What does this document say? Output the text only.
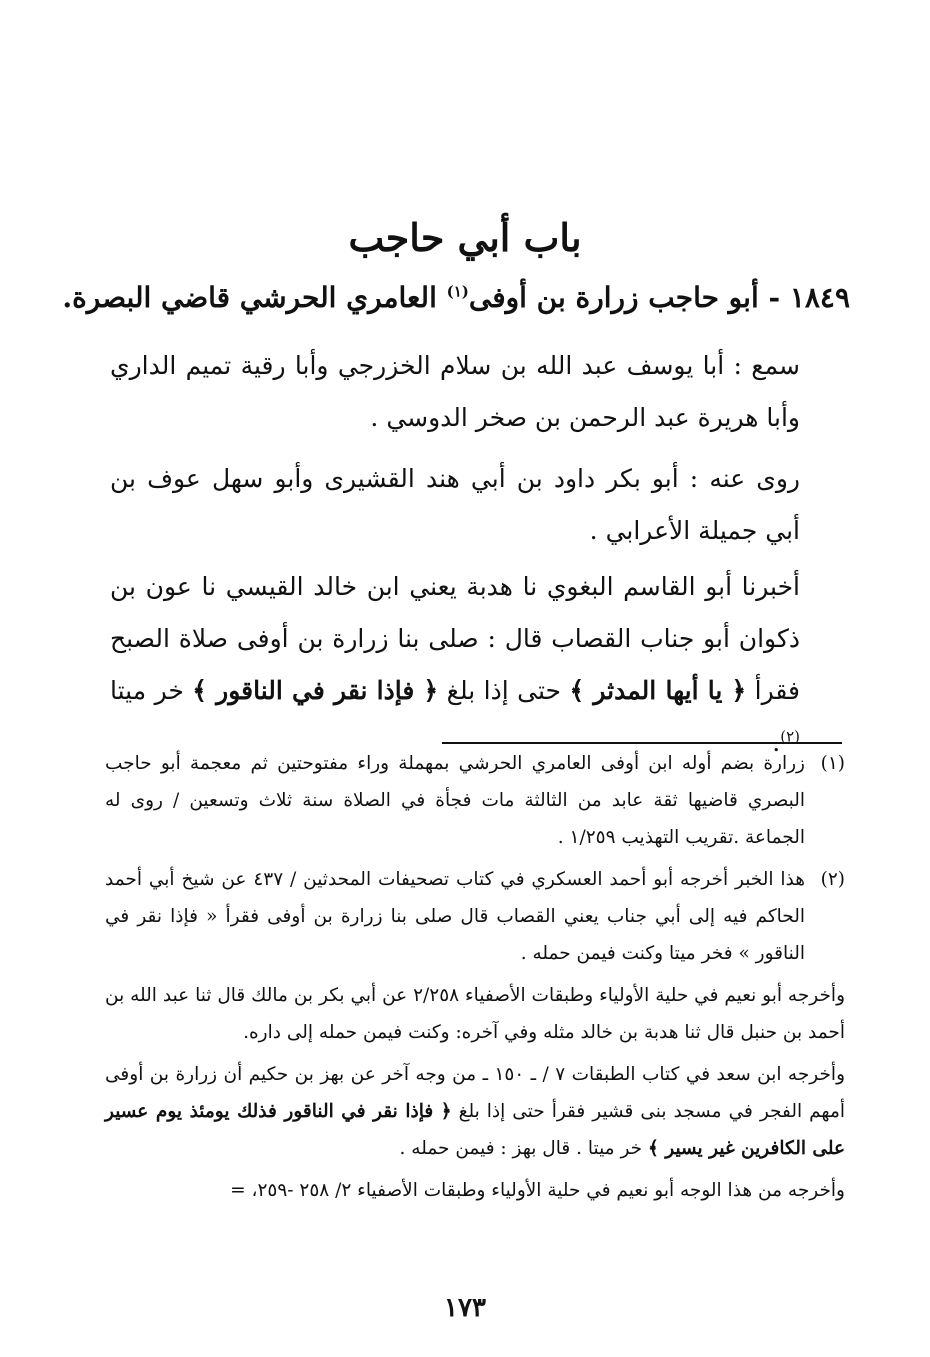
باب أبي حاجب
١٨٤٩ - أبو حاجب زرارة بن أوفى$^{(١)}$ العامري الحرشي قاضي البصرة.

سمع : أبا يوسف عبد الله بن سلام الخزرجي وأبا رقية تميم الداري وأبا هريرة عبد الرحمن بن صخر الدوسي .

روى عنه : أبو بكر داود بن أبي هند القشيرى وأبو سهل عوف بن أبي جميلة الأعرابي .

أخبرنا أبو القاسم البغوي نا هدبة يعني ابن خالد القيسي نا عون بن ذكوان أبو جناب القصاب قال : صلى بنا زرارة بن أوفى صلاة الصبح فقرأ ﴿ يا أيها المدثر ﴾ حتى إذا بلغ ﴿ فإذا نقر في الناقور ﴾ خر ميتا $^{(٢)}$.

(١)
زرارة بضم أوله ابن أوفى العامري الحرشي بمهملة وراء مفتوحتين ثم معجمة أبو حاجب البصري قاضيها ثقة عابد من الثالثة مات فجأة في الصلاة سنة ثلاث وتسعين / روى له الجماعة .تقريب التهذيب ١/٢٥٩ .

(٢)
هذا الخبر أخرجه أبو أحمد العسكري في كتاب تصحيفات المحدثين / ٤٣٧ عن شيخ أبي أحمد الحاكم فيه إلى أبي جناب يعني القصاب قال صلى بنا زرارة بن أوفى فقرأ « فإذا نقر في الناقور » فخر ميتا وكنت فيمن حمله .

وأخرجه أبو نعيم في حلية الأولياء وطبقات الأصفياء ٢/٢٥٨ عن أبي بكر بن مالك قال ثنا عبد الله بن أحمد بن حنبل قال ثنا هدبة بن خالد مثله وفي آخره: وكنت فيمن حمله إلى داره.

وأخرجه ابن سعد في كتاب الطبقات ٧ / ـ ١٥٠ ـ من وجه آخر عن بهز بن حكيم أن زرارة بن أوفى أمهم الفجر في مسجد بنى قشير فقرأ حتى إذا بلغ ﴿ فإذا نقر في الناقور فذلك يومئذ يوم عسير على الكافرين غير يسير ﴾ خر ميتا . قال بهز : فيمن حمله .

وأخرجه من هذا الوجه أبو نعيم في حلية الأولياء وطبقات الأصفياء ٢/ ٢٥٨ -٢٥٩، =

١٧٣
